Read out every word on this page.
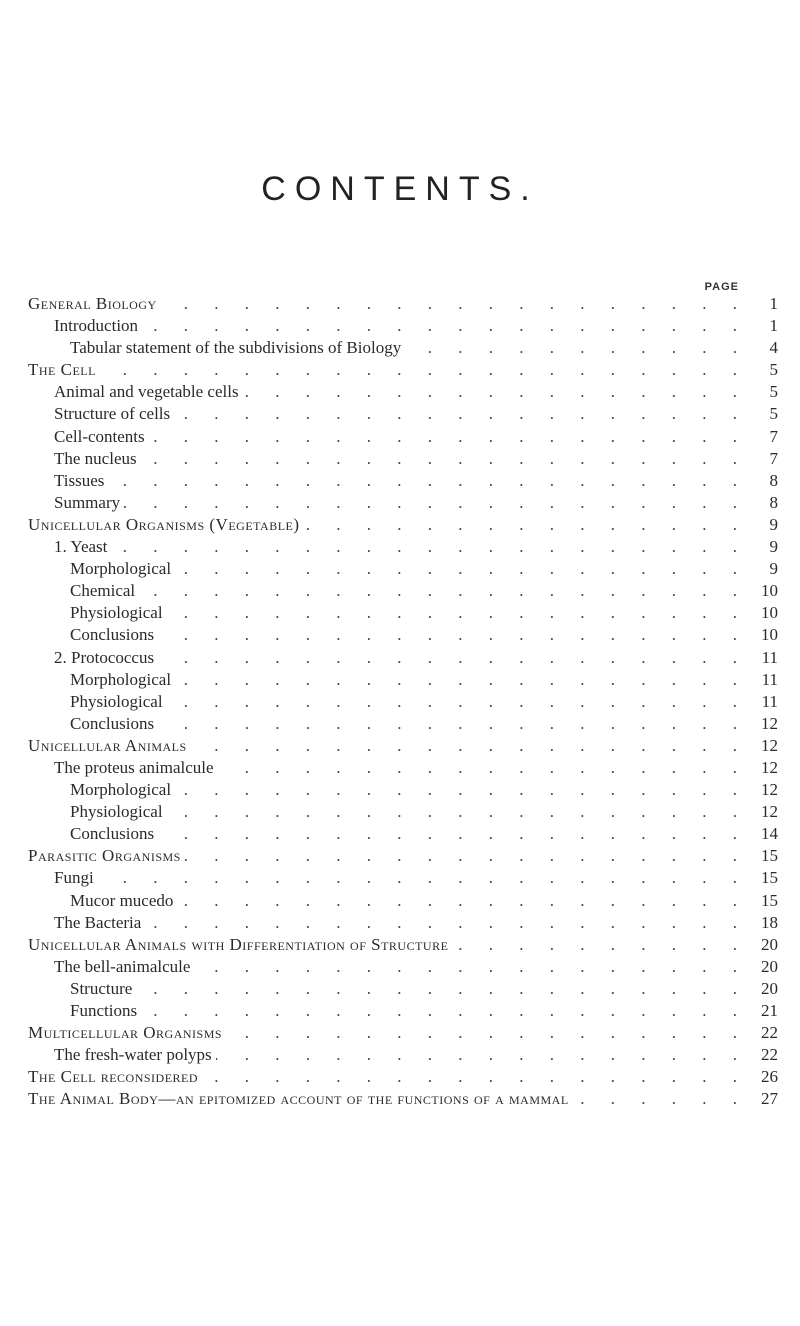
CONTENTS.
PAGE
General Biology . . .	1
Introduction . . .	1
Tabular statement of the subdivisions of Biology . . .	4
The Cell . . .	5
Animal and vegetable cells . . .	5
Structure of cells . . .	5
Cell-contents . . .	7
The nucleus . . .	7
Tissues . . .	8
Summary . . .	8
Unicellular Organisms (Vegetable) . . .	9
1. Yeast . . .	9
Morphological . . .	9
Chemical . . .	10
Physiological . . .	10
Conclusions . . .	10
2. Protococcus . . .	11
Morphological . . .	11
Physiological . . .	11
Conclusions . . .	12
Unicellular Animals . . .	12
The proteus animalcule . . .	12
Morphological . . .	12
Physiological . . .	12
Conclusions . . .	14
Parasitic Organisms . . .	15
Fungi . . .	15
Mucor mucedo . . .	15
The Bacteria . . .	18
Unicellular Animals with Differentiation of Structure . . .	20
The bell-animalcule . . .	20
Structure . . .	20
Functions . . .	21
Multicellular Organisms . . .	22
The fresh-water polyps . . .	22
The Cell reconsidered . . .	26
The Animal Body—an epitomized account of the functions of a mammal . . .	27
